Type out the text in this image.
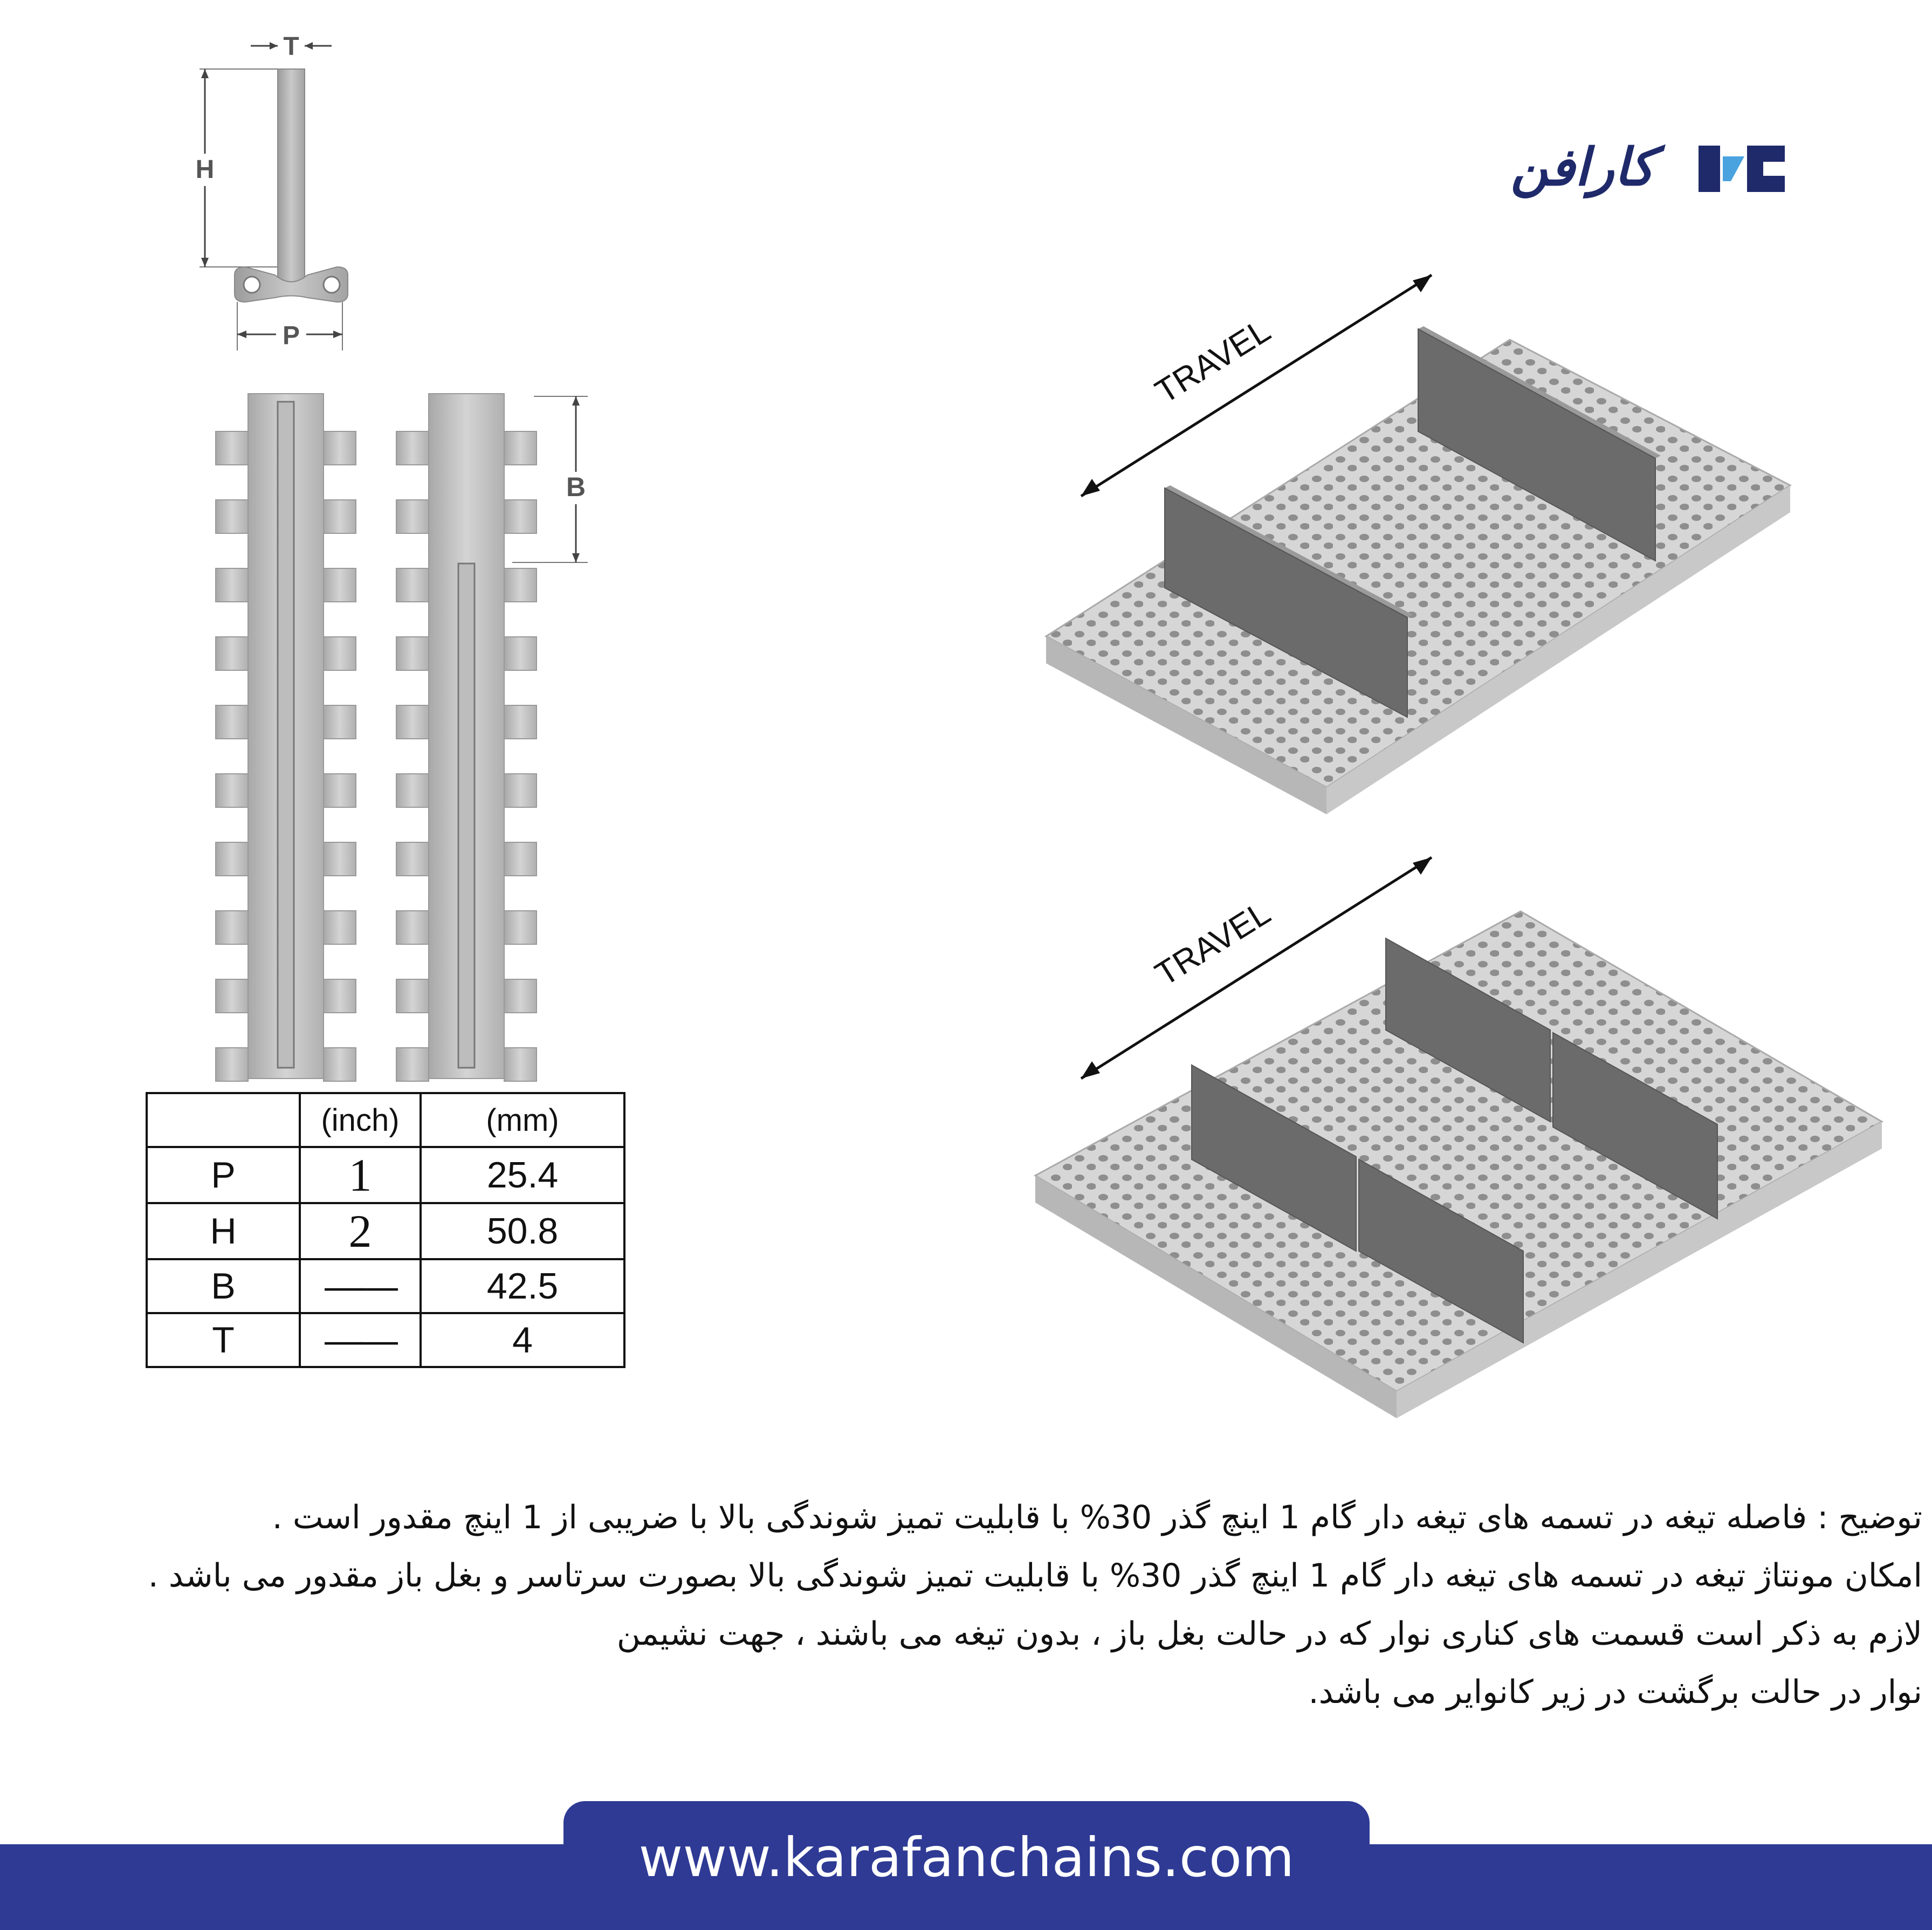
T
H
P
B
	(inch)	(mm)
P	1	25.4
H	2	50.8
B	——	42.5
T	——	4
کارافن
TRAVEL
TRAVEL

توضیح : فاصله تیغه در تسمه های تیغه دار گام 1 اینچ گذر 30% با قابلیت تمیز شوندگی بالا با ضریبی از 1 اینچ مقدور است .

امکان مونتاژ تیغه در تسمه های تیغه دار گام 1 اینچ گذر 30% با قابلیت تمیز شوندگی بالا بصورت سرتاسر و بغل باز مقدور می باشد .

لازم به ذکر است قسمت های کناری نوار که در حالت بغل باز ، بدون تیغه می باشند ، جهت نشیمن

نوار در حالت برگشت در زیر کانوایر می باشد.

www.karafanchains.com
